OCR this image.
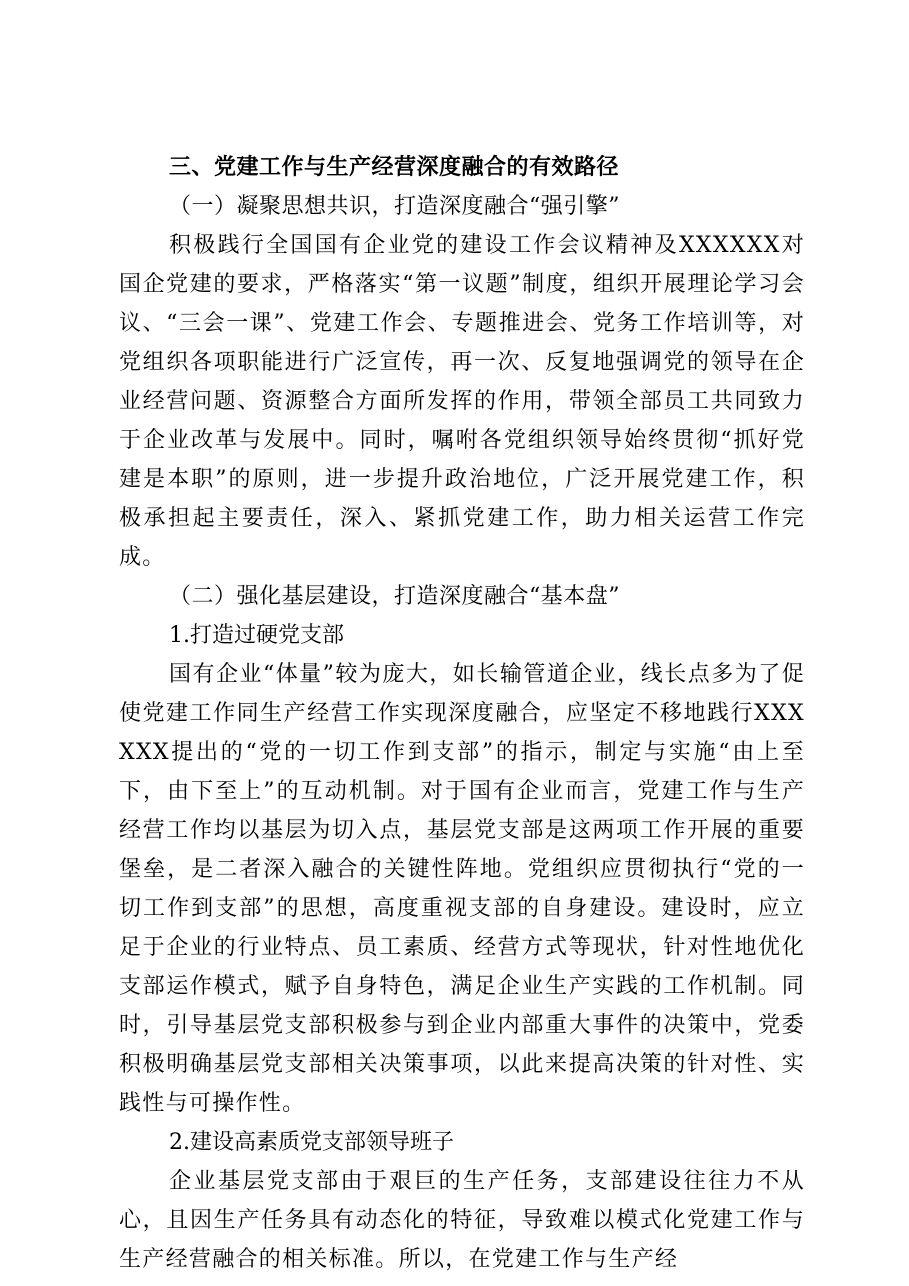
三、党建工作与生产经营深度融合的有效路径
（一）凝聚思想共识，打造深度融合“强引擎”

积极践行全国国有企业党的建设工作会议精神及XXXXXX对国企党建的要求，严格落实“第一议题”制度，组织开展理论学习会议、“三会一课”、党建工作会、专题推进会、党务工作培训等，对党组织各项职能进行广泛宣传，再一次、反复地强调党的领导在企业经营问题、资源整合方面所发挥的作用，带领全部员工共同致力于企业改革与发展中。同时，嘱咐各党组织领导始终贯彻“抓好党建是本职”的原则，进一步提升政治地位，广泛开展党建工作，积极承担起主要责任，深入、紧抓党建工作，助力相关运营工作完成。

（二）强化基层建设，打造深度融合“基本盘”

1.打造过硬党支部

国有企业“体量”较为庞大，如长输管道企业，线长点多为了促使党建工作同生产经营工作实现深度融合，应坚定不移地践行XXXXXX提出的“党的一切工作到支部”的指示，制定与实施“由上至下，由下至上”的互动机制。对于国有企业而言，党建工作与生产经营工作均以基层为切入点，基层党支部是这两项工作开展的重要堡垒，是二者深入融合的关键性阵地。党组织应贯彻执行“党的一切工作到支部”的思想，高度重视支部的自身建设。建设时，应立足于企业的行业特点、员工素质、经营方式等现状，针对性地优化支部运作模式，赋予自身特色，满足企业生产实践的工作机制。同时，引导基层党支部积极参与到企业内部重大事件的决策中，党委积极明确基层党支部相关决策事项，以此来提高决策的针对性、实践性与可操作性。

2.建设高素质党支部领导班子

企业基层党支部由于艰巨的生产任务，支部建设往往力不从心，且因生产任务具有动态化的特征，导致难以模式化党建工作与生产经营融合的相关标准。所以，在党建工作与生产经
